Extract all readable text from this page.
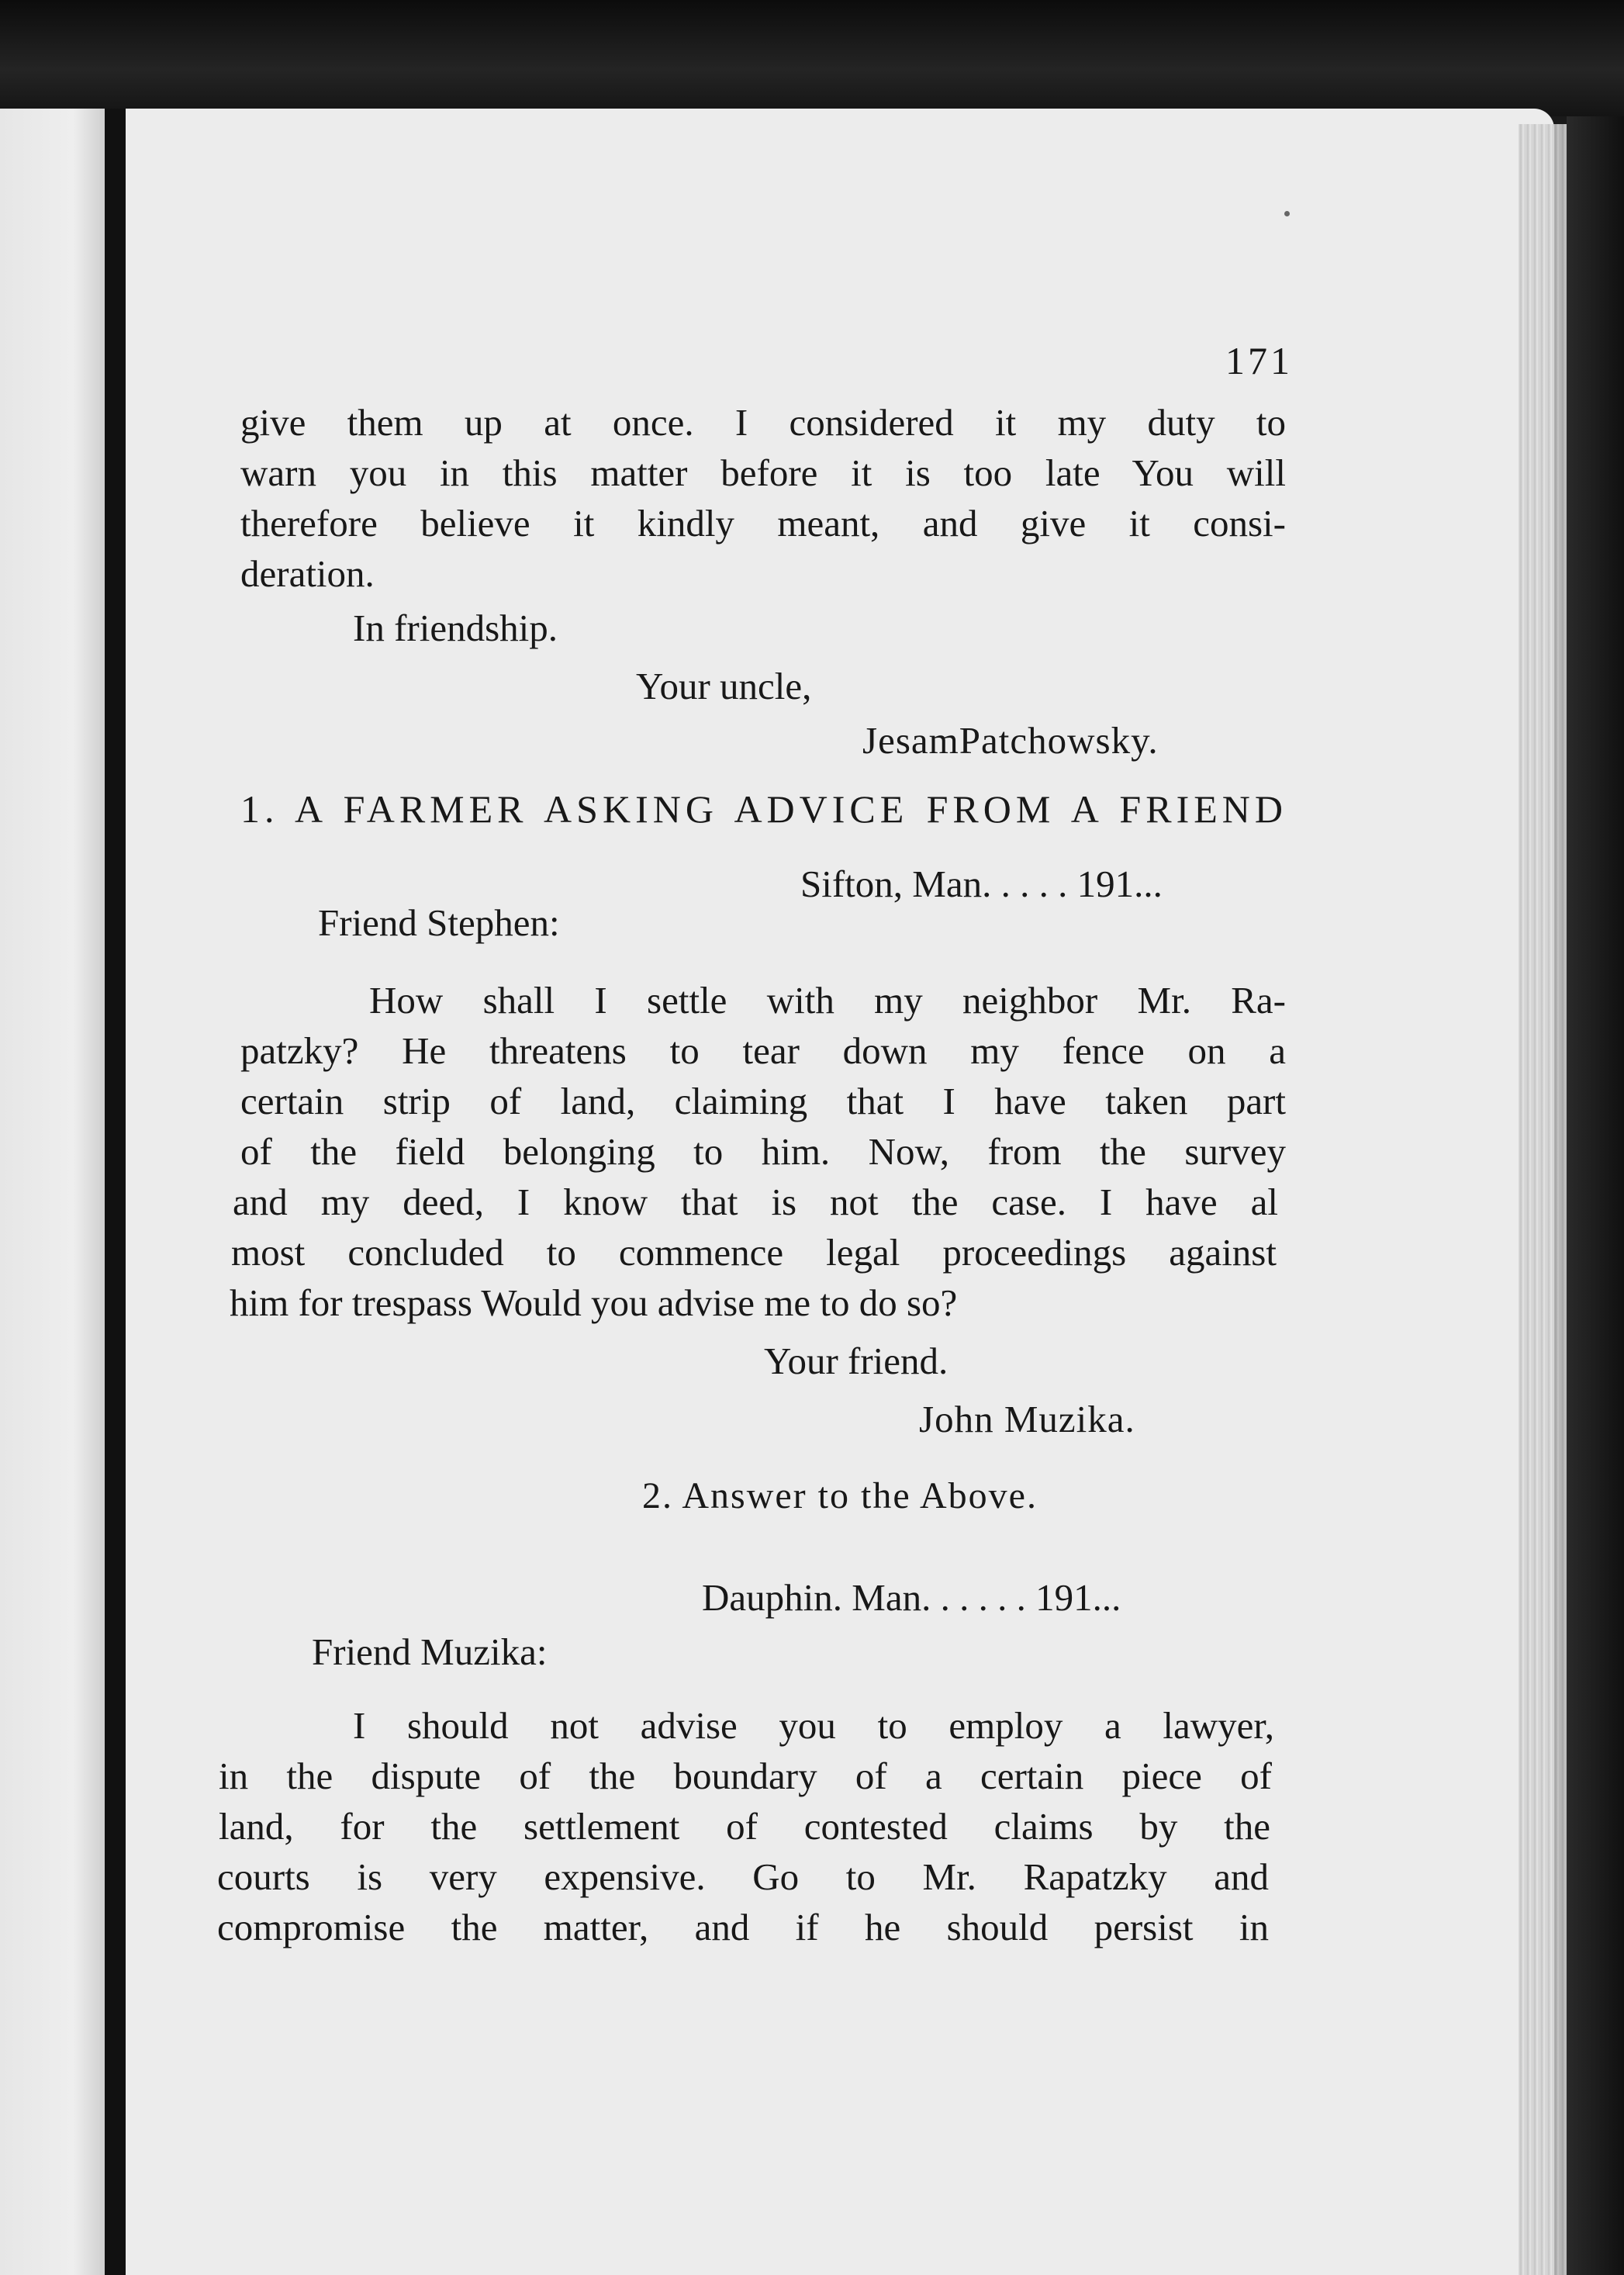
171
give them up at once. I considered it my duty to
warn you in this matter before it is too late You will
therefore believe it kindly meant, and give it consi-
deration.
In friendship.
Your uncle,
JesamPatchowsky.
1. A FARMER ASKING ADVICE FROM A FRIEND
Sifton, Man. . . . . 191...
Friend Stephen:
How shall I settle with my neighbor Mr. Ra-
patzky? He threatens to tear down my fence on a
certain strip of land, claiming that I have taken part
of the field belonging to him. Now, from the survey
and my deed, I know that is not the case. I have al
most concluded to commence legal proceedings against
him for trespass Would you advise me to do so?
Your friend.
John Muzika.
2. Answer to the Above.
Dauphin. Man. . . . . . 191...
Friend Muzika:
I should not advise you to employ a lawyer,
in the dispute of the boundary of a certain piece of
land, for the settlement of contested claims by the
courts is very expensive. Go to Mr. Rapatzky and
compromise the matter, and if he should persist in
